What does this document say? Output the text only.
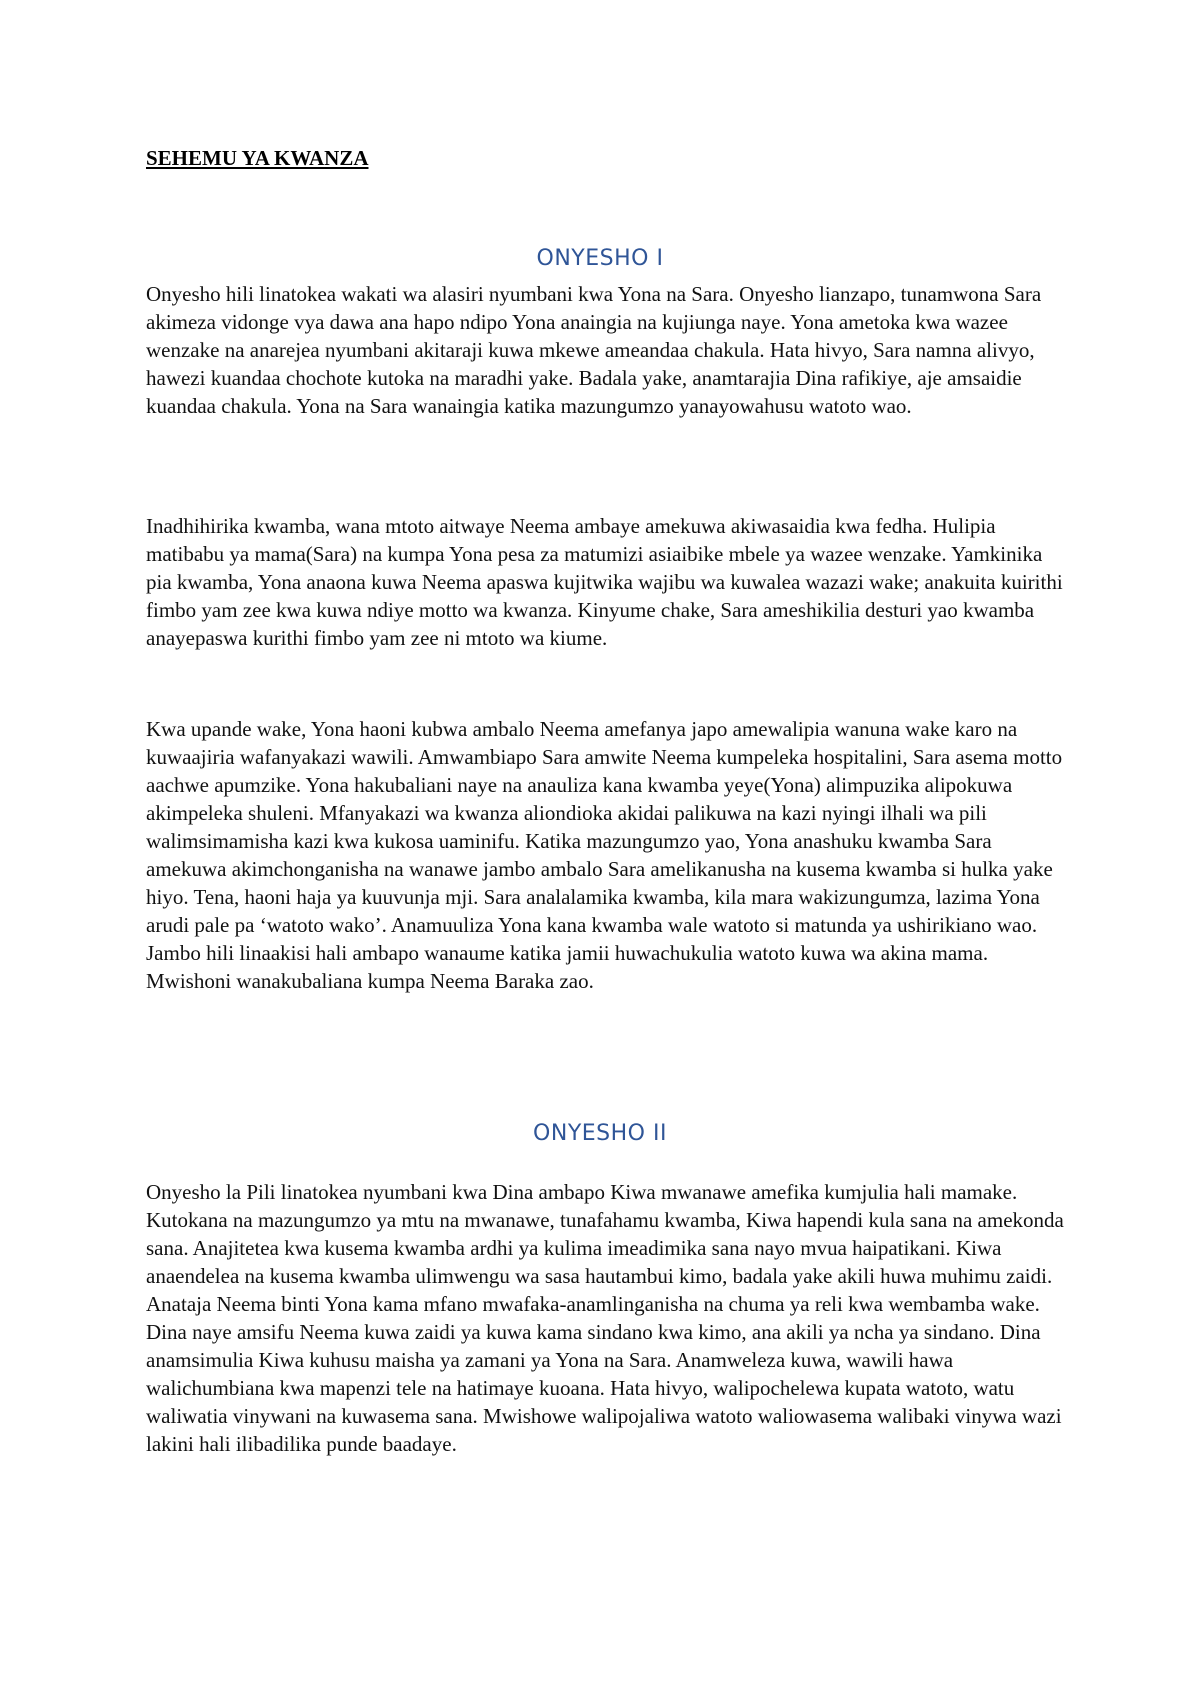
SEHEMU YA KWANZA
ONYESHO I

Onyesho hili linatokea wakati wa alasiri nyumbani kwa Yona na Sara. Onyesho lianzapo, tunamwona Sara akimeza vidonge vya dawa ana hapo ndipo Yona anaingia na kujiunga naye. Yona ametoka kwa wazee wenzake na anarejea nyumbani akitaraji kuwa mkewe ameandaa chakula. Hata hivyo, Sara namna alivyo, hawezi kuandaa chochote kutoka na maradhi yake. Badala yake, anamtarajia Dina rafikiye, aje amsaidie kuandaa chakula. Yona na Sara wanaingia katika mazungumzo yanayowahusu watoto wao.

Inadhihirika kwamba, wana mtoto aitwaye Neema ambaye amekuwa akiwasaidia kwa fedha. Hulipia matibabu ya mama(Sara) na kumpa Yona pesa za matumizi asiaibike mbele ya wazee wenzake. Yamkinika pia kwamba, Yona anaona kuwa Neema apaswa kujitwika wajibu wa kuwalea wazazi wake; anakuita kuirithi fimbo yam zee kwa kuwa ndiye motto wa kwanza. Kinyume chake, Sara ameshikilia desturi yao kwamba anayepaswa kurithi fimbo yam zee ni mtoto wa kiume.

Kwa upande wake, Yona haoni kubwa ambalo Neema amefanya japo amewalipia wanuna wake karo na kuwaajiria wafanyakazi wawili. Amwambiapo Sara amwite Neema kumpeleka hospitalini, Sara asema motto aachwe apumzike. Yona hakubaliani naye na anauliza kana kwamba yeye(Yona) alimpuzika alipokuwa akimpeleka shuleni. Mfanyakazi wa kwanza aliondioka akidai palikuwa na kazi nyingi ilhali wa pili walimsimamisha kazi kwa kukosa uaminifu. Katika mazungumzo yao, Yona anashuku kwamba Sara amekuwa akimchonganisha na wanawe jambo ambalo Sara amelikanusha na kusema kwamba si hulka yake hiyo. Tena, haoni haja ya kuuvunja mji. Sara analalamika kwamba, kila mara wakizungumza, lazima Yona arudi pale pa ‘watoto wako’. Anamuuliza Yona kana kwamba wale watoto si matunda ya ushirikiano wao. Jambo hili linaakisi hali ambapo wanaume katika jamii huwachukulia watoto kuwa wa akina mama. Mwishoni wanakubaliana kumpa Neema Baraka zao.

ONYESHO II

Onyesho la Pili linatokea nyumbani kwa Dina ambapo Kiwa mwanawe amefika kumjulia hali mamake. Kutokana na mazungumzo ya mtu na mwanawe, tunafahamu kwamba, Kiwa hapendi kula sana na amekonda sana. Anajitetea kwa kusema kwamba ardhi ya kulima imeadimika sana nayo mvua haipatikani. Kiwa anaendelea na kusema kwamba ulimwengu wa sasa hautambui kimo, badala yake akili huwa muhimu zaidi. Anataja Neema binti Yona kama mfano mwafaka-anamlinganisha na chuma ya reli kwa wembamba wake. Dina naye amsifu Neema kuwa zaidi ya kuwa kama sindano kwa kimo, ana akili ya ncha ya sindano. Dina anamsimulia Kiwa kuhusu maisha ya zamani ya Yona na Sara. Anamweleza kuwa, wawili hawa walichumbiana kwa mapenzi tele na hatimaye kuoana. Hata hivyo, walipochelewa kupata watoto, watu waliwatia vinywani na kuwasema sana. Mwishowe walipojaliwa watoto waliowasema walibaki vinywa wazi lakini hali ilibadilika punde baadaye.
